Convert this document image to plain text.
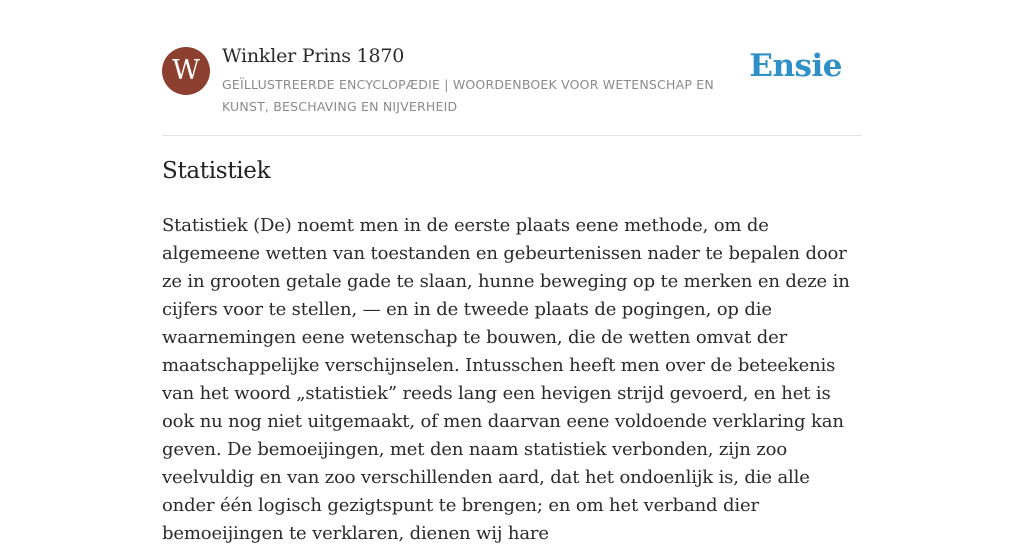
W	Winkler Prins 1870
GEÏLLUSTREERDE ENCYCLOPÆDIE | WOORDENBOEK VOOR WETENSCHAP EN KUNST, BESCHAVING EN NIJVERHEID
Ensie
Statistiek

Statistiek (De) noemt men in de eerste plaats eene methode, om de algemeene wetten van toestanden en gebeurtenissen nader te bepalen door ze in grooten getale gade te slaan, hunne beweging op te merken en deze in cijfers voor te stellen, — en in de tweede plaats de pogingen, op die waarnemingen eene wetenschap te bouwen, die de wetten omvat der maatschappelijke verschijnselen. Intusschen heeft men over de beteekenis van het woord „statistiek” reeds lang een hevigen strijd gevoerd, en het is ook nu nog niet uitgemaakt, of men daarvan eene voldoende verklaring kan geven. De bemoeijingen, met den naam statistiek verbonden, zijn zoo veelvuldig en van zoo verschillenden aard, dat het ondoenlijk is, die alle onder één logisch gezigtspunt te brengen; en om het verband dier bemoeijingen te verklaren, dienen wij hare
